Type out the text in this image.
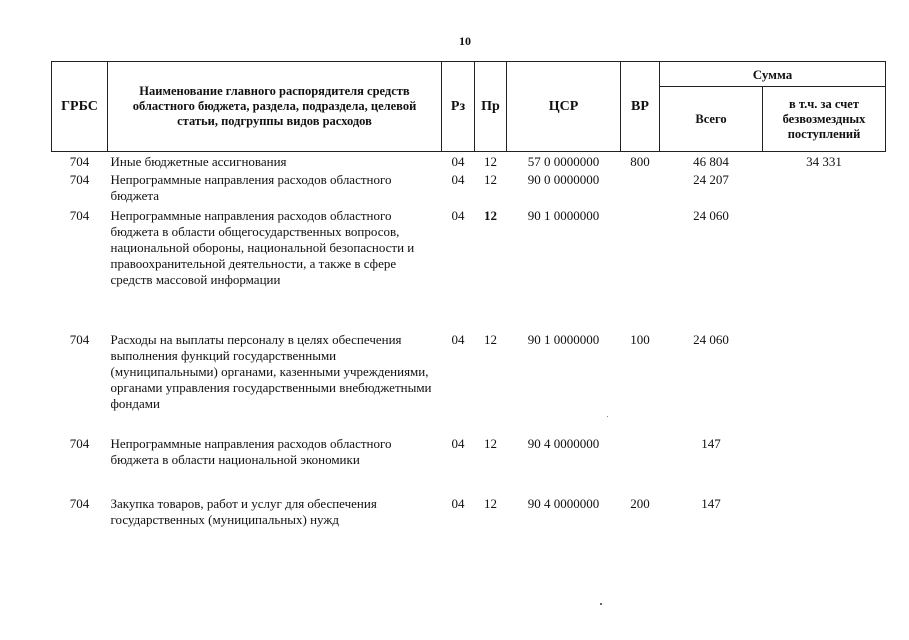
10
ГРБС	Наименование главного распорядителя средств областного бюджета, раздела, подраздела, целевой статьи, подгруппы видов расходов	Рз	Пр	ЦСР	ВР	Сумма	
						Всего	в т.ч. за счет безвозмездных поступлений
704	Иные бюджетные ассигнования	04	12	57 0 0000000	800	46 804	34 331
704	Непрограммные направления расходов областного бюджета	04	12	90 0 0000000		24 207	
704	Непрограммные направления расходов областного бюджета в области общегосударственных вопросов, национальной обороны, национальной безопасности и правоохранительной деятельности, а также в сфере средств массовой информации	04	12	90 1 0000000		24 060	
704	Расходы на выплаты персоналу в целях обеспечения выполнения функций государственными (муниципальными) органами, казенными учреждениями, органами управления государственными внебюджетными фондами	04	12	90 1 0000000	100	24 060	
704	Непрограммные направления расходов областного бюджета в области национальной экономики	04	12	90 4 0000000		147	
704	Закупка товаров, работ и услуг для обеспечения государственных (муниципальных) нужд	04	12	90 4 0000000	200	147	
